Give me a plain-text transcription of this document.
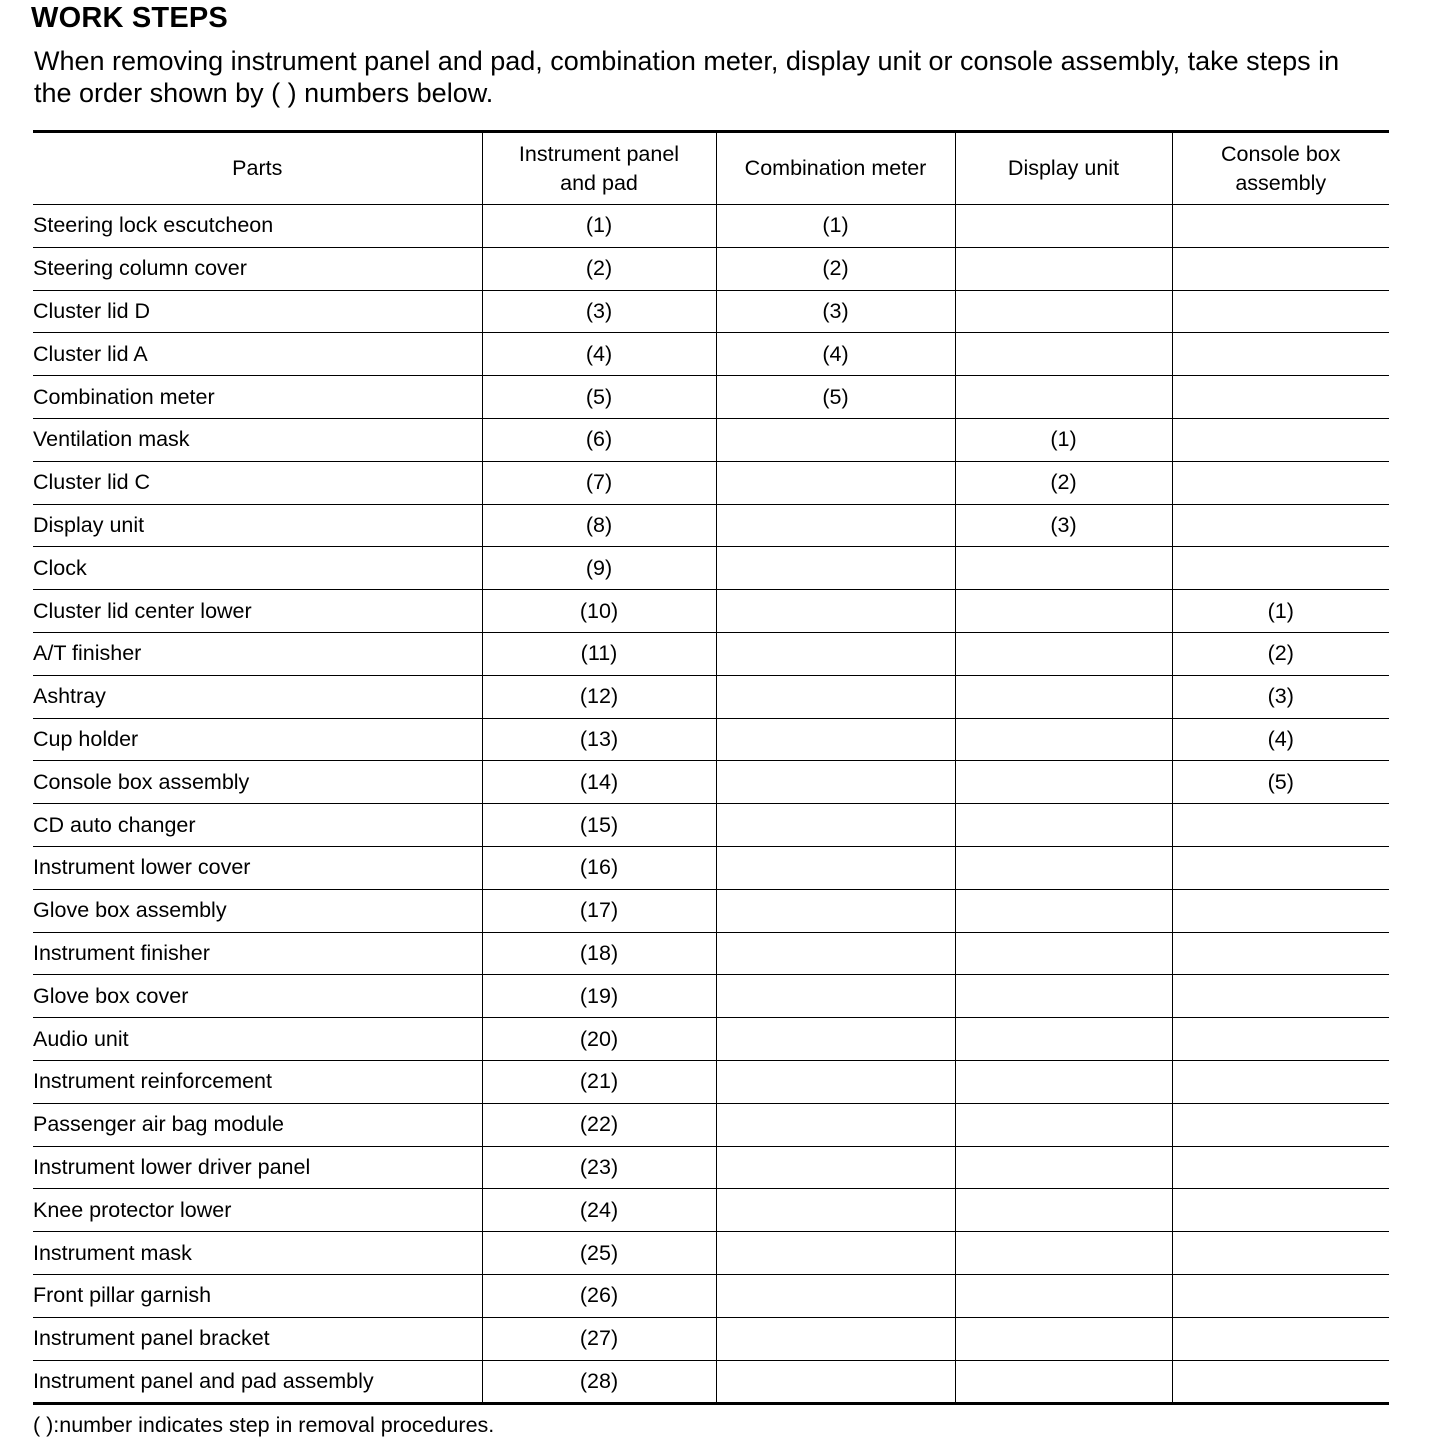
WORK STEPS
When removing instrument panel and pad, combination meter, display unit or console assembly, take steps in
the order shown by ( ) numbers below.
Parts	Instrument panel
and pad	Combination meter	Display unit	Console box
assembly
Steering lock escutcheon	(1)	(1)		
Steering column cover	(2)	(2)		
Cluster lid D	(3)	(3)		
Cluster lid A	(4)	(4)		
Combination meter	(5)	(5)		
Ventilation mask	(6)		(1)	
Cluster lid C	(7)		(2)	
Display unit	(8)		(3)	
Clock	(9)			
Cluster lid center lower	(10)			(1)
A/T finisher	(11)			(2)
Ashtray	(12)			(3)
Cup holder	(13)			(4)
Console box assembly	(14)			(5)
CD auto changer	(15)			
Instrument lower cover	(16)			
Glove box assembly	(17)			
Instrument finisher	(18)			
Glove box cover	(19)			
Audio unit	(20)			
Instrument reinforcement	(21)			
Passenger air bag module	(22)			
Instrument lower driver panel	(23)			
Knee protector lower	(24)			
Instrument mask	(25)			
Front pillar garnish	(26)			
Instrument panel bracket	(27)			
Instrument panel and pad assembly	(28)			
( ):number indicates step in removal procedures.
